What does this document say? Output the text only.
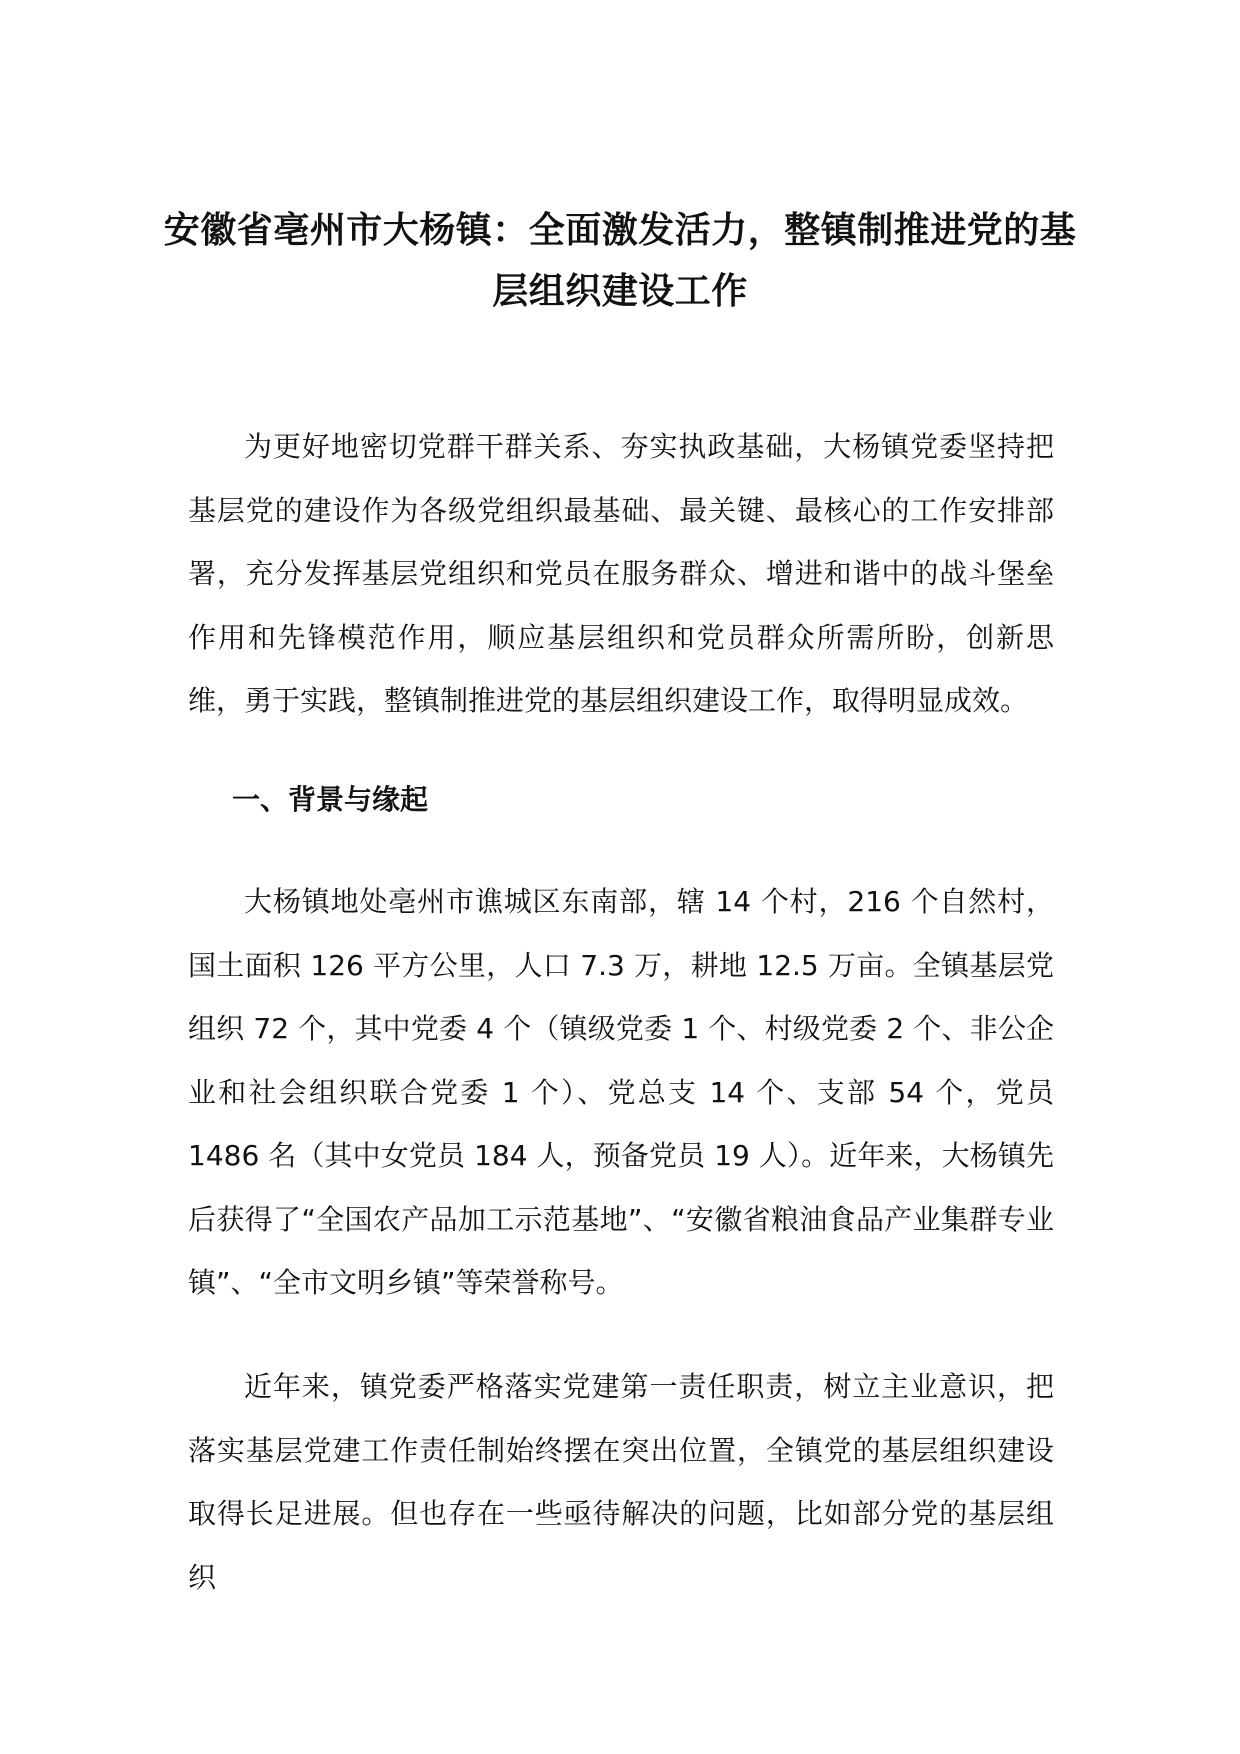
安徽省亳州市大杨镇：全面激发活力，整镇制推进党的基层组织建设工作

为更好地密切党群干群关系、夯实执政基础，大杨镇党委坚持把基层党的建设作为各级党组织最基础、最关键、最核心的工作安排部署，充分发挥基层党组织和党员在服务群众、增进和谐中的战斗堡垒作用和先锋模范作用，顺应基层组织和党员群众所需所盼，创新思维，勇于实践，整镇制推进党的基层组织建设工作，取得明显成效。

一、背景与缘起

大杨镇地处亳州市谯城区东南部，辖 14 个村，216 个自然村，国土面积 126 平方公里，人口 7.3 万，耕地 12.5 万亩。全镇基层党组织 72 个，其中党委 4 个（镇级党委 1 个、村级党委 2 个、非公企业和社会组织联合党委 1 个）、党总支 14 个、支部 54 个，党员 1486 名（其中女党员 184 人，预备党员 19 人）。近年来，大杨镇先后获得了“全国农产品加工示范基地”、“安徽省粮油食品产业集群专业镇”、“全市文明乡镇”等荣誉称号。

近年来，镇党委严格落实党建第一责任职责，树立主业意识，把落实基层党建工作责任制始终摆在突出位置，全镇党的基层组织建设取得长足进展。但也存在一些亟待解决的问题，比如部分党的基层组织
